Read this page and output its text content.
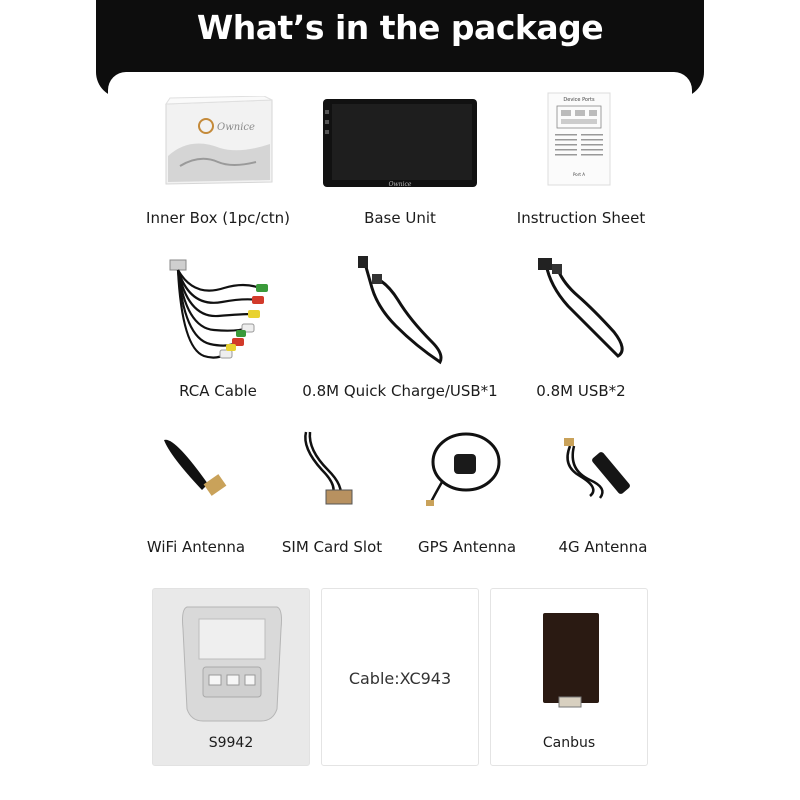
What’s in the package
Ownice
Inner Box (1pc/ctn)
Ownice
Base Unit
Device Ports
Port A
Instruction Sheet
RCA Cable	0.8M Quick Charge/USB*1	0.8M USB*2
WiFi Antenna SIM Card Slot GPS Antenna	4G Antenna
S9942
Cable:XC943
Canbus
